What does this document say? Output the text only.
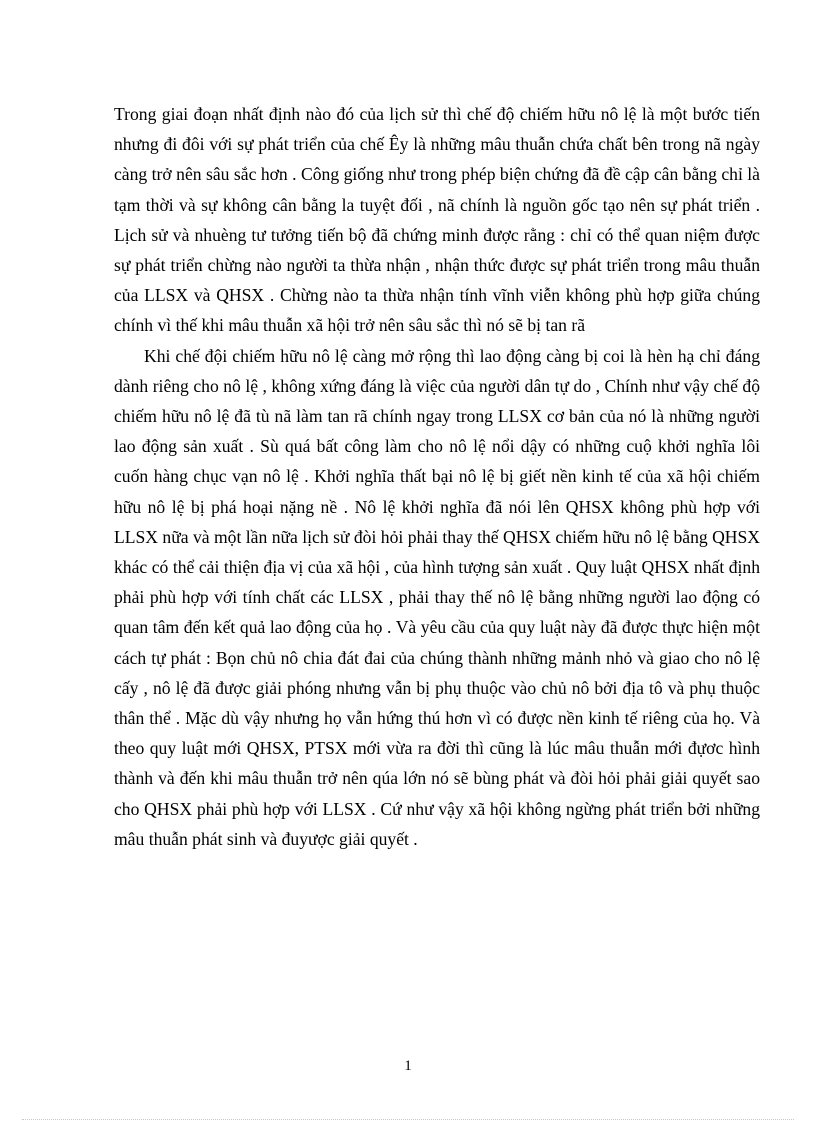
Trong giai đoạn nhất định nào đó của lịch sử thì chế độ chiếm hữu nô lệ là một bước tiến nhưng đi đôi với sự phát triển của chế Êy là những mâu thuẫn chứa chất bên trong nã ngày càng trở nên sâu sắc hơn . Công giống như trong phép biện chứng đã đề cập cân bằng chỉ là tạm thời và sự không cân bằng la tuyệt đối , nã chính là nguồn gốc tạo nên sự phát triển . Lịch sử và nhuèng tư tưởng tiến bộ đã chứng minh được rằng : chỉ có thể quan niệm được sự phát triển chừng nào người ta thừa nhận , nhận thức được sự phát triển trong mâu thuẫn của LLSX và QHSX . Chừng nào ta thừa nhận tính vĩnh viễn không phù hợp giữa chúng chính vì thế khi mâu thuẫn xã hội trở nên sâu sắc thì nó sẽ bị tan rã

Khi chế đội chiếm hữu nô lệ càng mở rộng thì lao động càng bị coi là hèn hạ chỉ đáng dành riêng cho nô lệ , không xứng đáng là việc của người dân tự do , Chính như vậy chế độ chiếm hữu nô lệ đã tù nã làm tan rã chính ngay trong LLSX cơ bản của nó là những người lao động sản xuất . Sù quá bất công làm cho nô lệ nổi dậy có những cuộ khởi nghĩa lôi cuốn hàng chục vạn nô lệ . Khởi nghĩa thất bại nô lệ bị giết nền kinh tế của xã hội chiếm hữu nô lệ bị phá hoại nặng nề . Nô lệ khởi nghĩa đã nói lên QHSX không phù hợp với LLSX nữa và một lần nữa lịch sử đòi hỏi phải thay thế QHSX chiếm hữu nô lệ bằng QHSX khác có thể cải thiện địa vị của xã hội , của hình tượng sản xuất . Quy luật QHSX nhất định phải phù hợp với tính chất các LLSX , phải thay thế nô lệ bằng những người lao động có quan tâm đến kết quả lao động của họ . Và yêu cầu của quy luật này đã được thực hiện một cách tự phát : Bọn chủ nô chia đát đai của chúng thành những mảnh nhỏ và giao cho nô lệ cấy , nô lệ đã được giải phóng nhưng vẫn bị phụ thuộc vào chủ nô bởi địa tô và phụ thuộc thân thể . Mặc dù vậy nhưng họ vẫn hứng thú hơn vì có được nền kinh tế riêng của họ. Và theo quy luật mới QHSX, PTSX mới vừa ra đời thì cũng là lúc mâu thuẫn mới đựơc hình thành và đến khi mâu thuẫn trở nên qúa lớn nó sẽ bùng phát và đòi hỏi phải giải quyết sao cho QHSX phải phù hợp với LLSX . Cứ như vậy xã hội không ngừng phát triển bởi những mâu thuẫn phát sinh và đuyược giải quyết .

1
